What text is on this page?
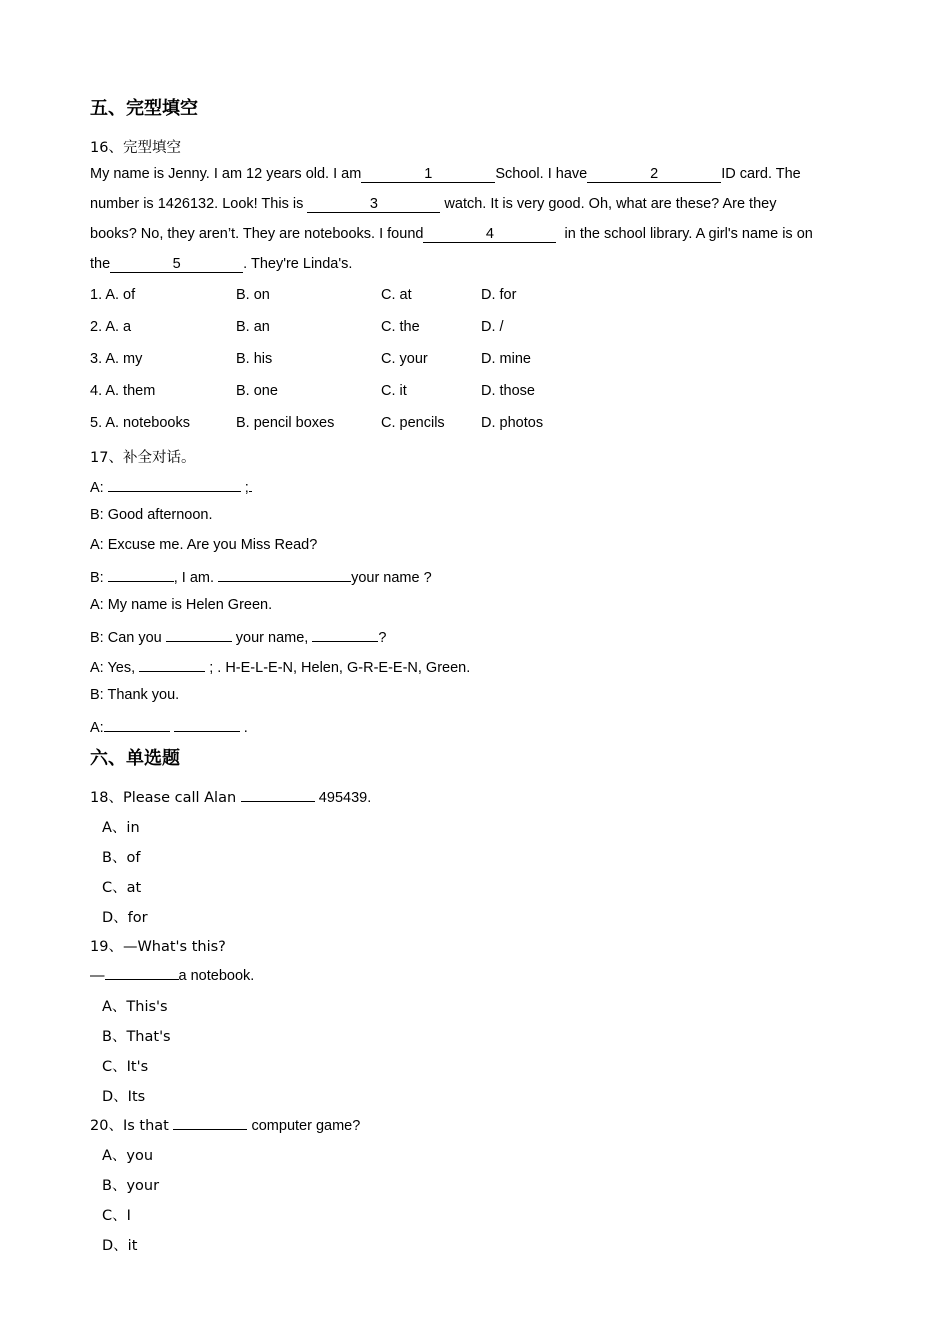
五、完型填空
16、完型填空
My name is Jenny. I am 12 years old. I am	1	School. I have	2	ID card. The
number is 1426132. Look! This is	3	watch. It is very good. Oh, what are these? Are they
books? No, they aren’t. They are notebooks. I found	4	in the school library. A girl's name is on
the	5	. They're Linda's.
1. A. of	B. on	C. at	D. for
2. A. a	B. an	C. the	D. /
3. A. my	B. his	C. your	D. mine
4. A. them	B. one	C. it	D. those
5. A. notebooks	B. pencil boxes	C. pencils	D. photos
17、补全对话。
A:	;
B: Good afternoon.
A: Excuse me. Are you Miss Read?
B:	, I am.	your name ?
A: My name is Helen Green.
B: Can you	your name,	?
A: Yes,	; . H-E-L-E-N, Helen, G-R-E-E-N, Green.
B: Thank you.
A:	.
六、单选题
18、Please call Alan	495439.
A、in
B、of
C、at
D、for
19、—What's this?
—	a notebook.
A、This's
B、That's
C、It's
D、Its
20、Is that	computer game?
A、you
B、your
C、I
D、it
